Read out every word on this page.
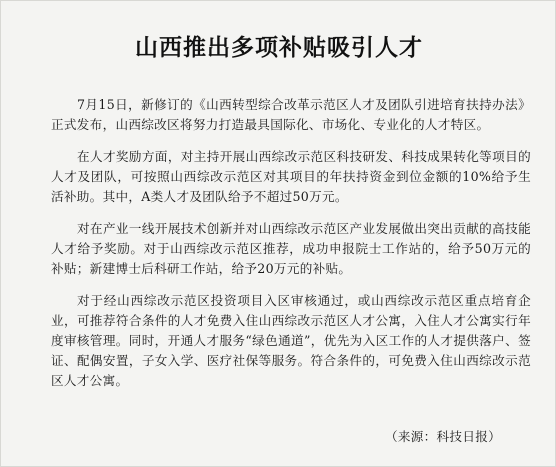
山西推出多项补贴吸引人才

7月15日，新修订的《山西转型综合改革示范区人才及团队引进培育扶持办法》正式发布，山西综改区将努力打造最具国际化、市场化、专业化的人才特区。

在人才奖励方面，对主持开展山西综改示范区科技研发、科技成果转化等项目的人才及团队，可按照山西综改示范区对其项目的年扶持资金到位金额的10%给予生活补助。其中，A类人才及团队给予不超过50万元。

对在产业一线开展技术创新并对山西综改示范区产业发展做出突出贡献的高技能人才给予奖励。对于山西综改示范区推荐，成功申报院士工作站的，给予50万元的补贴；新建博士后科研工作站，给予20万元的补贴。

对于经山西综改示范区投资项目入区审核通过，或山西综改示范区重点培育企业，可推荐符合条件的人才免费入住山西综改示范区人才公寓，入住人才公寓实行年度审核管理。同时，开通人才服务“绿色通道”，优先为入区工作的人才提供落户、签证、配偶安置，子女入学、医疗社保等服务。符合条件的，可免费入住山西综改示范区人才公寓。

（来源：科技日报）
